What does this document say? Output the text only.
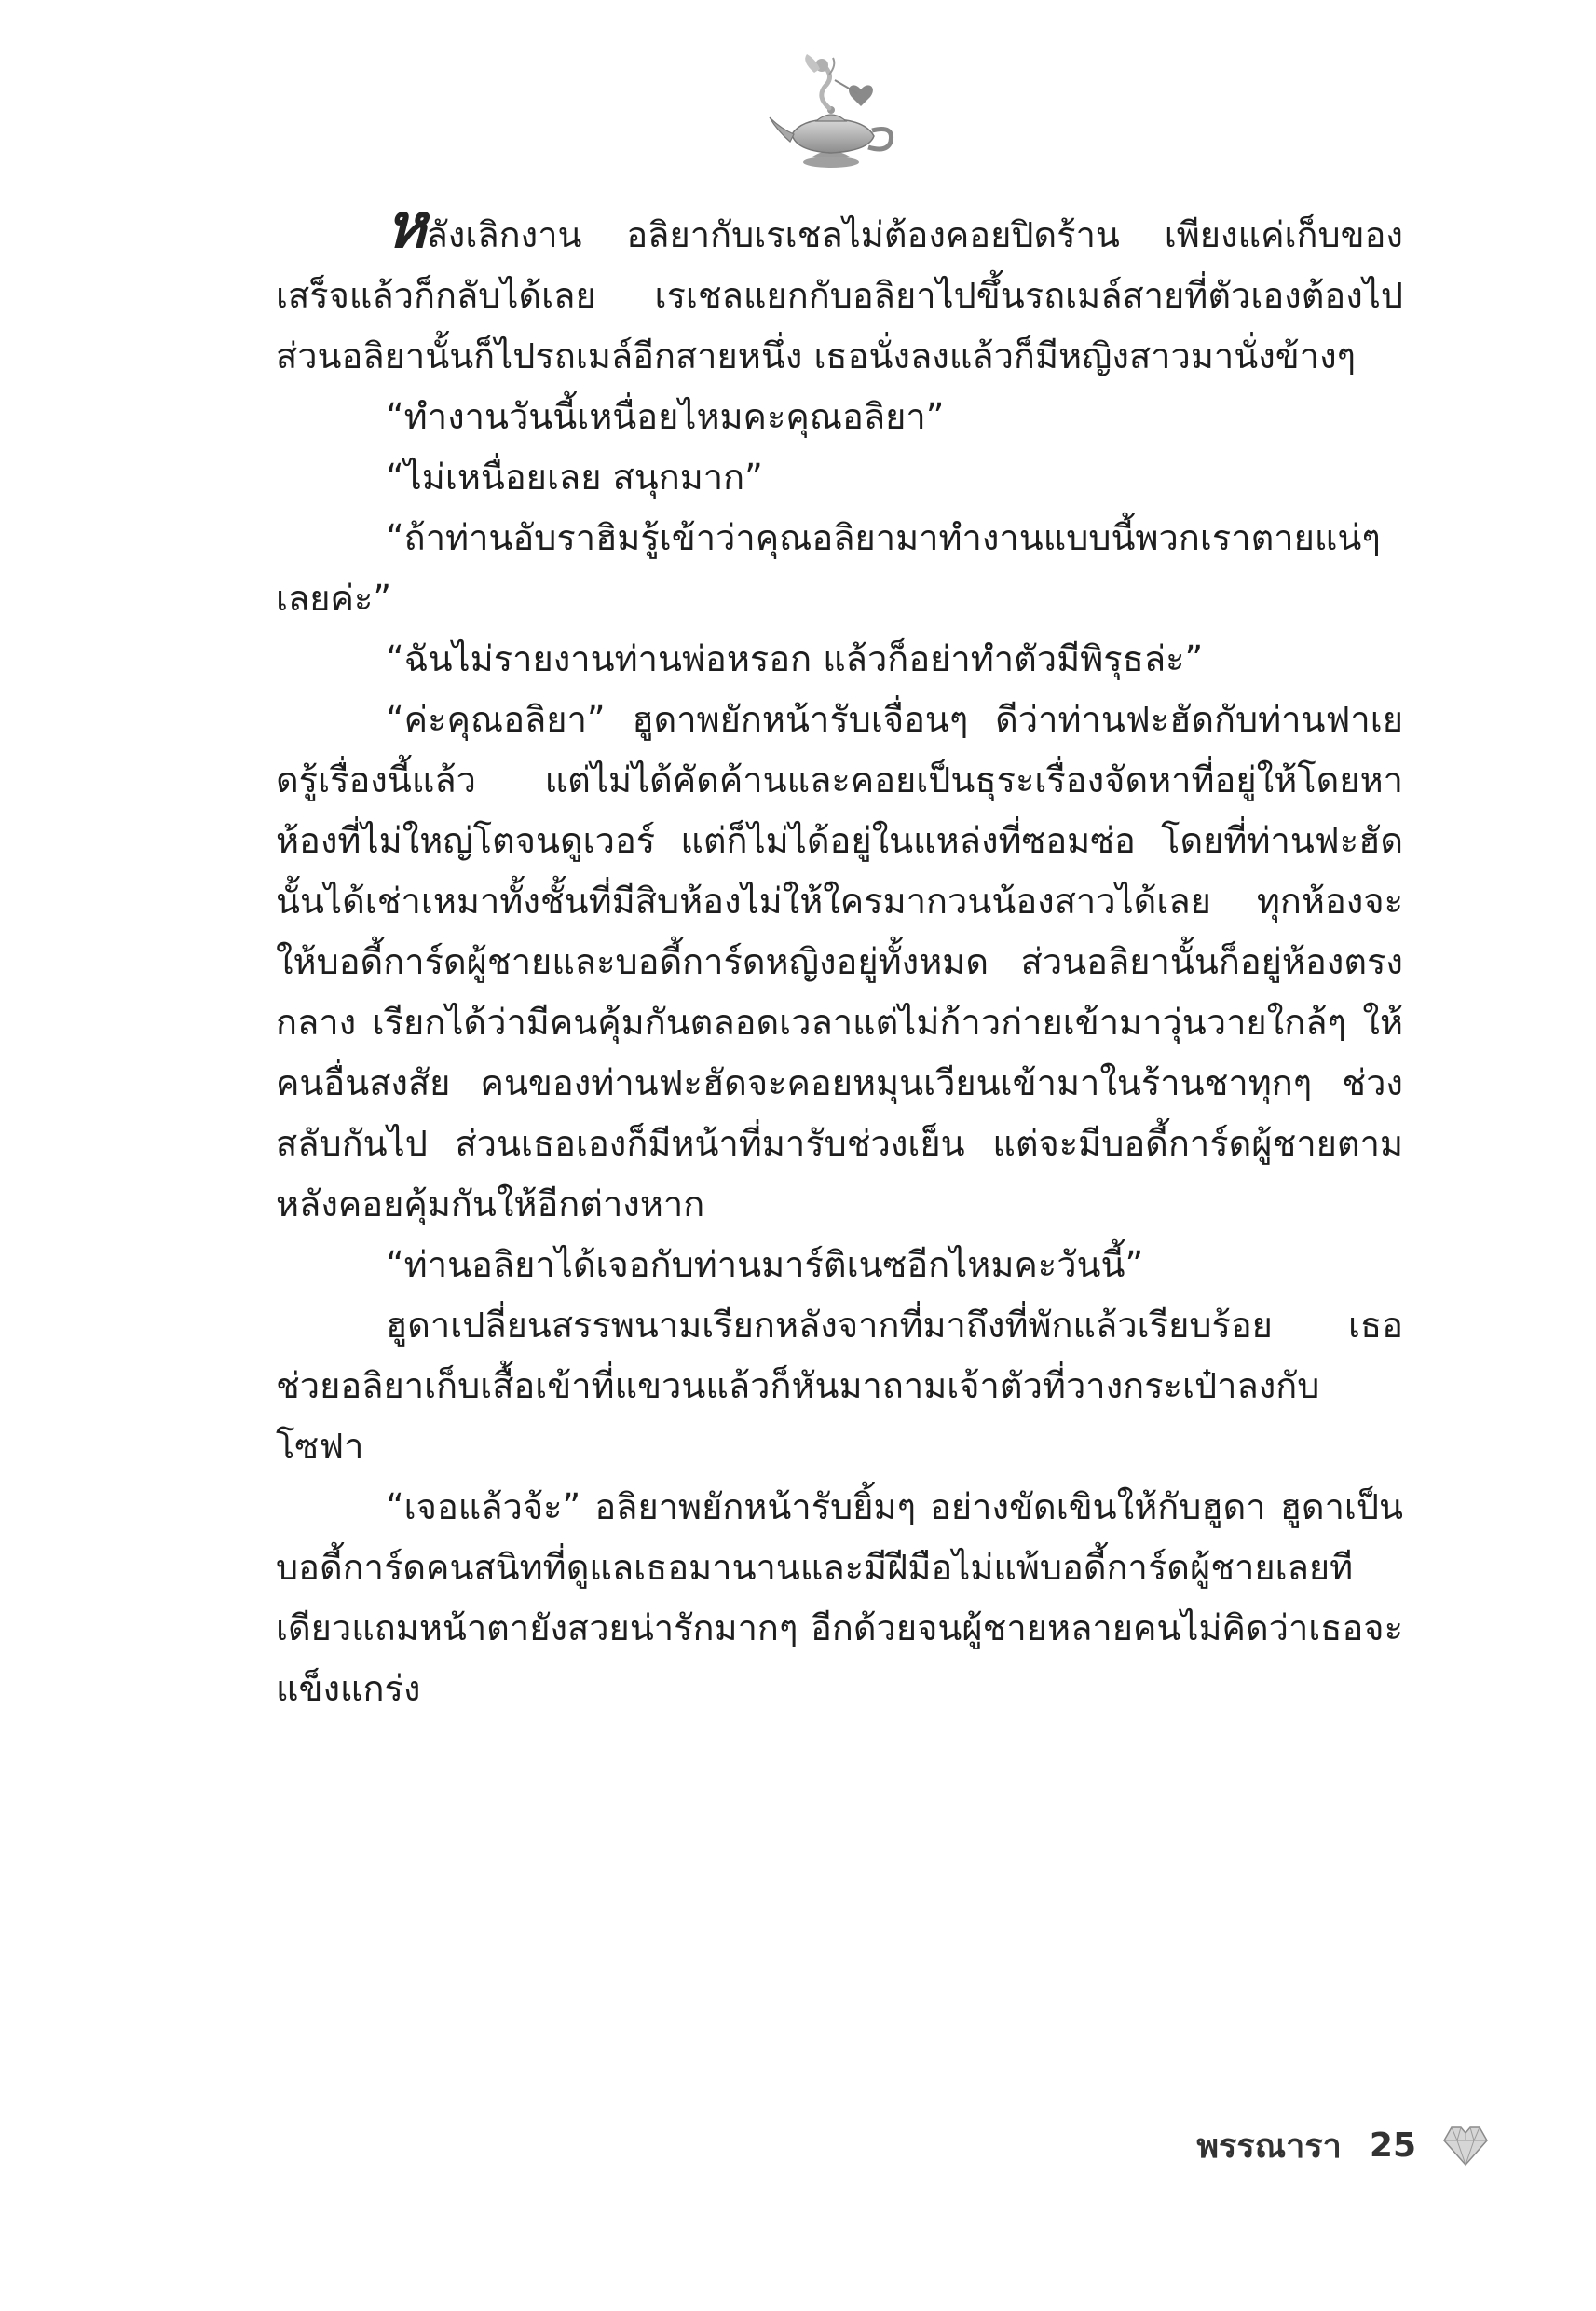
หลังเลิกงาน อลิยากับเรเชลไม่ต้องคอยปิดร้าน เพียงแค่เก็บของเสร็จแล้วก็กลับได้เลย เรเชลแยกกับอลิยาไปขึ้นรถเมล์สายที่ตัวเองต้องไป ส่วนอลิยานั้นก็ไปรถเมล์อีกสายหนึ่ง เธอนั่งลงแล้วก็มีหญิงสาวมานั่งข้างๆ

“ทำงานวันนี้เหนื่อยไหมคะคุณอลิยา”

“ไม่เหนื่อยเลย สนุกมาก”

“ถ้าท่านอับราฮิมรู้เข้าว่าคุณอลิยามาทำงานแบบนี้พวกเราตายแน่ๆ เลยค่ะ”

“ฉันไม่รายงานท่านพ่อหรอก แล้วก็อย่าทำตัวมีพิรุธล่ะ”

“ค่ะคุณอลิยา” ฮูดาพยักหน้ารับเจื่อนๆ ดีว่าท่านฟะฮัดกับท่านฟาเยดรู้เรื่องนี้แล้ว แต่ไม่ได้คัดค้านและคอยเป็นธุระเรื่องจัดหาที่อยู่ให้โดยหาห้องที่ไม่ใหญ่โตจนดูเวอร์ แต่ก็ไม่ได้อยู่ในแหล่งที่ซอมซ่อ โดยที่ท่านฟะฮัดนั้นได้เช่าเหมาทั้งชั้นที่มีสิบห้องไม่ให้ใครมากวนน้องสาวได้เลย ทุกห้องจะให้บอดี้การ์ดผู้ชายและบอดี้การ์ดหญิงอยู่ทั้งหมด ส่วนอลิยานั้นก็อยู่ห้องตรงกลาง เรียกได้ว่ามีคนคุ้มกันตลอดเวลาแต่ไม่ก้าวก่ายเข้ามาวุ่นวายใกล้ๆ ให้คนอื่นสงสัย คนของท่านฟะฮัดจะคอยหมุนเวียนเข้ามาในร้านชาทุกๆ ช่วงสลับกันไป ส่วนเธอเองก็มีหน้าที่มารับช่วงเย็น แต่จะมีบอดี้การ์ดผู้ชายตามหลังคอยคุ้มกันให้อีกต่างหาก

“ท่านอลิยาได้เจอกับท่านมาร์ติเนซอีกไหมคะวันนี้”

ฮูดาเปลี่ยนสรรพนามเรียกหลังจากที่มาถึงที่พักแล้วเรียบร้อย เธอช่วยอลิยาเก็บเสื้อเข้าที่แขวนแล้วก็หันมาถามเจ้าตัวที่วางกระเป๋าลงกับโซฟา

“เจอแล้วจ้ะ” อลิยาพยักหน้ารับยิ้มๆ อย่างขัดเขินให้กับฮูดา ฮูดาเป็นบอดี้การ์ดคนสนิทที่ดูแลเธอมานานและมีฝีมือไม่แพ้บอดี้การ์ดผู้ชายเลยทีเดียวแถมหน้าตายังสวยน่ารักมากๆ อีกด้วยจนผู้ชายหลายคนไม่คิดว่าเธอจะแข็งแกร่ง

พรรณารา 25
